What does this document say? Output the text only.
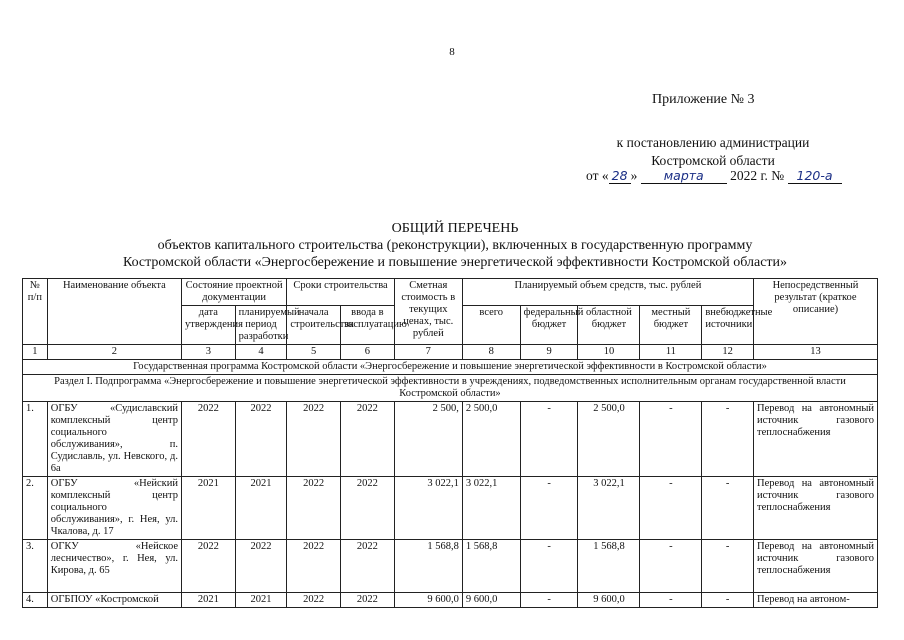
8
Приложение № 3
к постановлению администрации
Костромской области
от « 28 » марта 2022 г. № 120-а
ОБЩИЙ ПЕРЕЧЕНЬ
объектов капитального строительства (реконструкции), включенных в государственную программу
Костромской области «Энергосбережение и повышение энергетической эффективности Костромской области»
№ п/п	Наименование объекта	Состояние проектной документации		Сроки строительства		Сметная стоимость в текущих ценах, тыс. рублей	Планируемый объем средств, тыс. рублей					Непосредственный результат (краткое описание)
		дата утверждения	планируемый период разработки	начала строительства	ввода в эксплуатацию		всего	федеральный бюджет	областной бюджет	местный бюджет	внебюджетные источники	
1	2	3	4	5	6	7	8	9	10	11	12	13
Государственная программа Костромской области «Энергосбережение и повышение энергетической эффективности в Костромской области»												
Раздел I. Подпрограмма «Энергосбережение и повышение энергетической эффективности в учреждениях, подведомственных исполнительным органам государственной власти Костромской области»												
1.	ОГБУ «Судиславский комплексный центр социального обслуживания», п. Судиславль, ул. Невского, д. 6а	2022	2022	2022	2022	2 500,	2 500,0	-	2 500,0	-	-	Перевод на автономный источник газового теплоснабжения
2.	ОГБУ «Нейский комплексный центр социального обслуживания», г. Нея, ул. Чкалова, д. 17	2021	2021	2022	2022	3 022,1	3 022,1	-	3 022,1	-	-	Перевод на автономный источник газового теплоснабжения
3.	ОГКУ «Нейское лесничество», г. Нея, ул. Кирова, д. 65	2022	2022	2022	2022	1 568,8	1 568,8	-	1 568,8	-	-	Перевод на автономный источник газового теплоснабжения
4.	ОГБПОУ «Костромской	2021	2021	2022	2022	9 600,0	9 600,0	-	9 600,0	-	-	Перевод на автоном-
